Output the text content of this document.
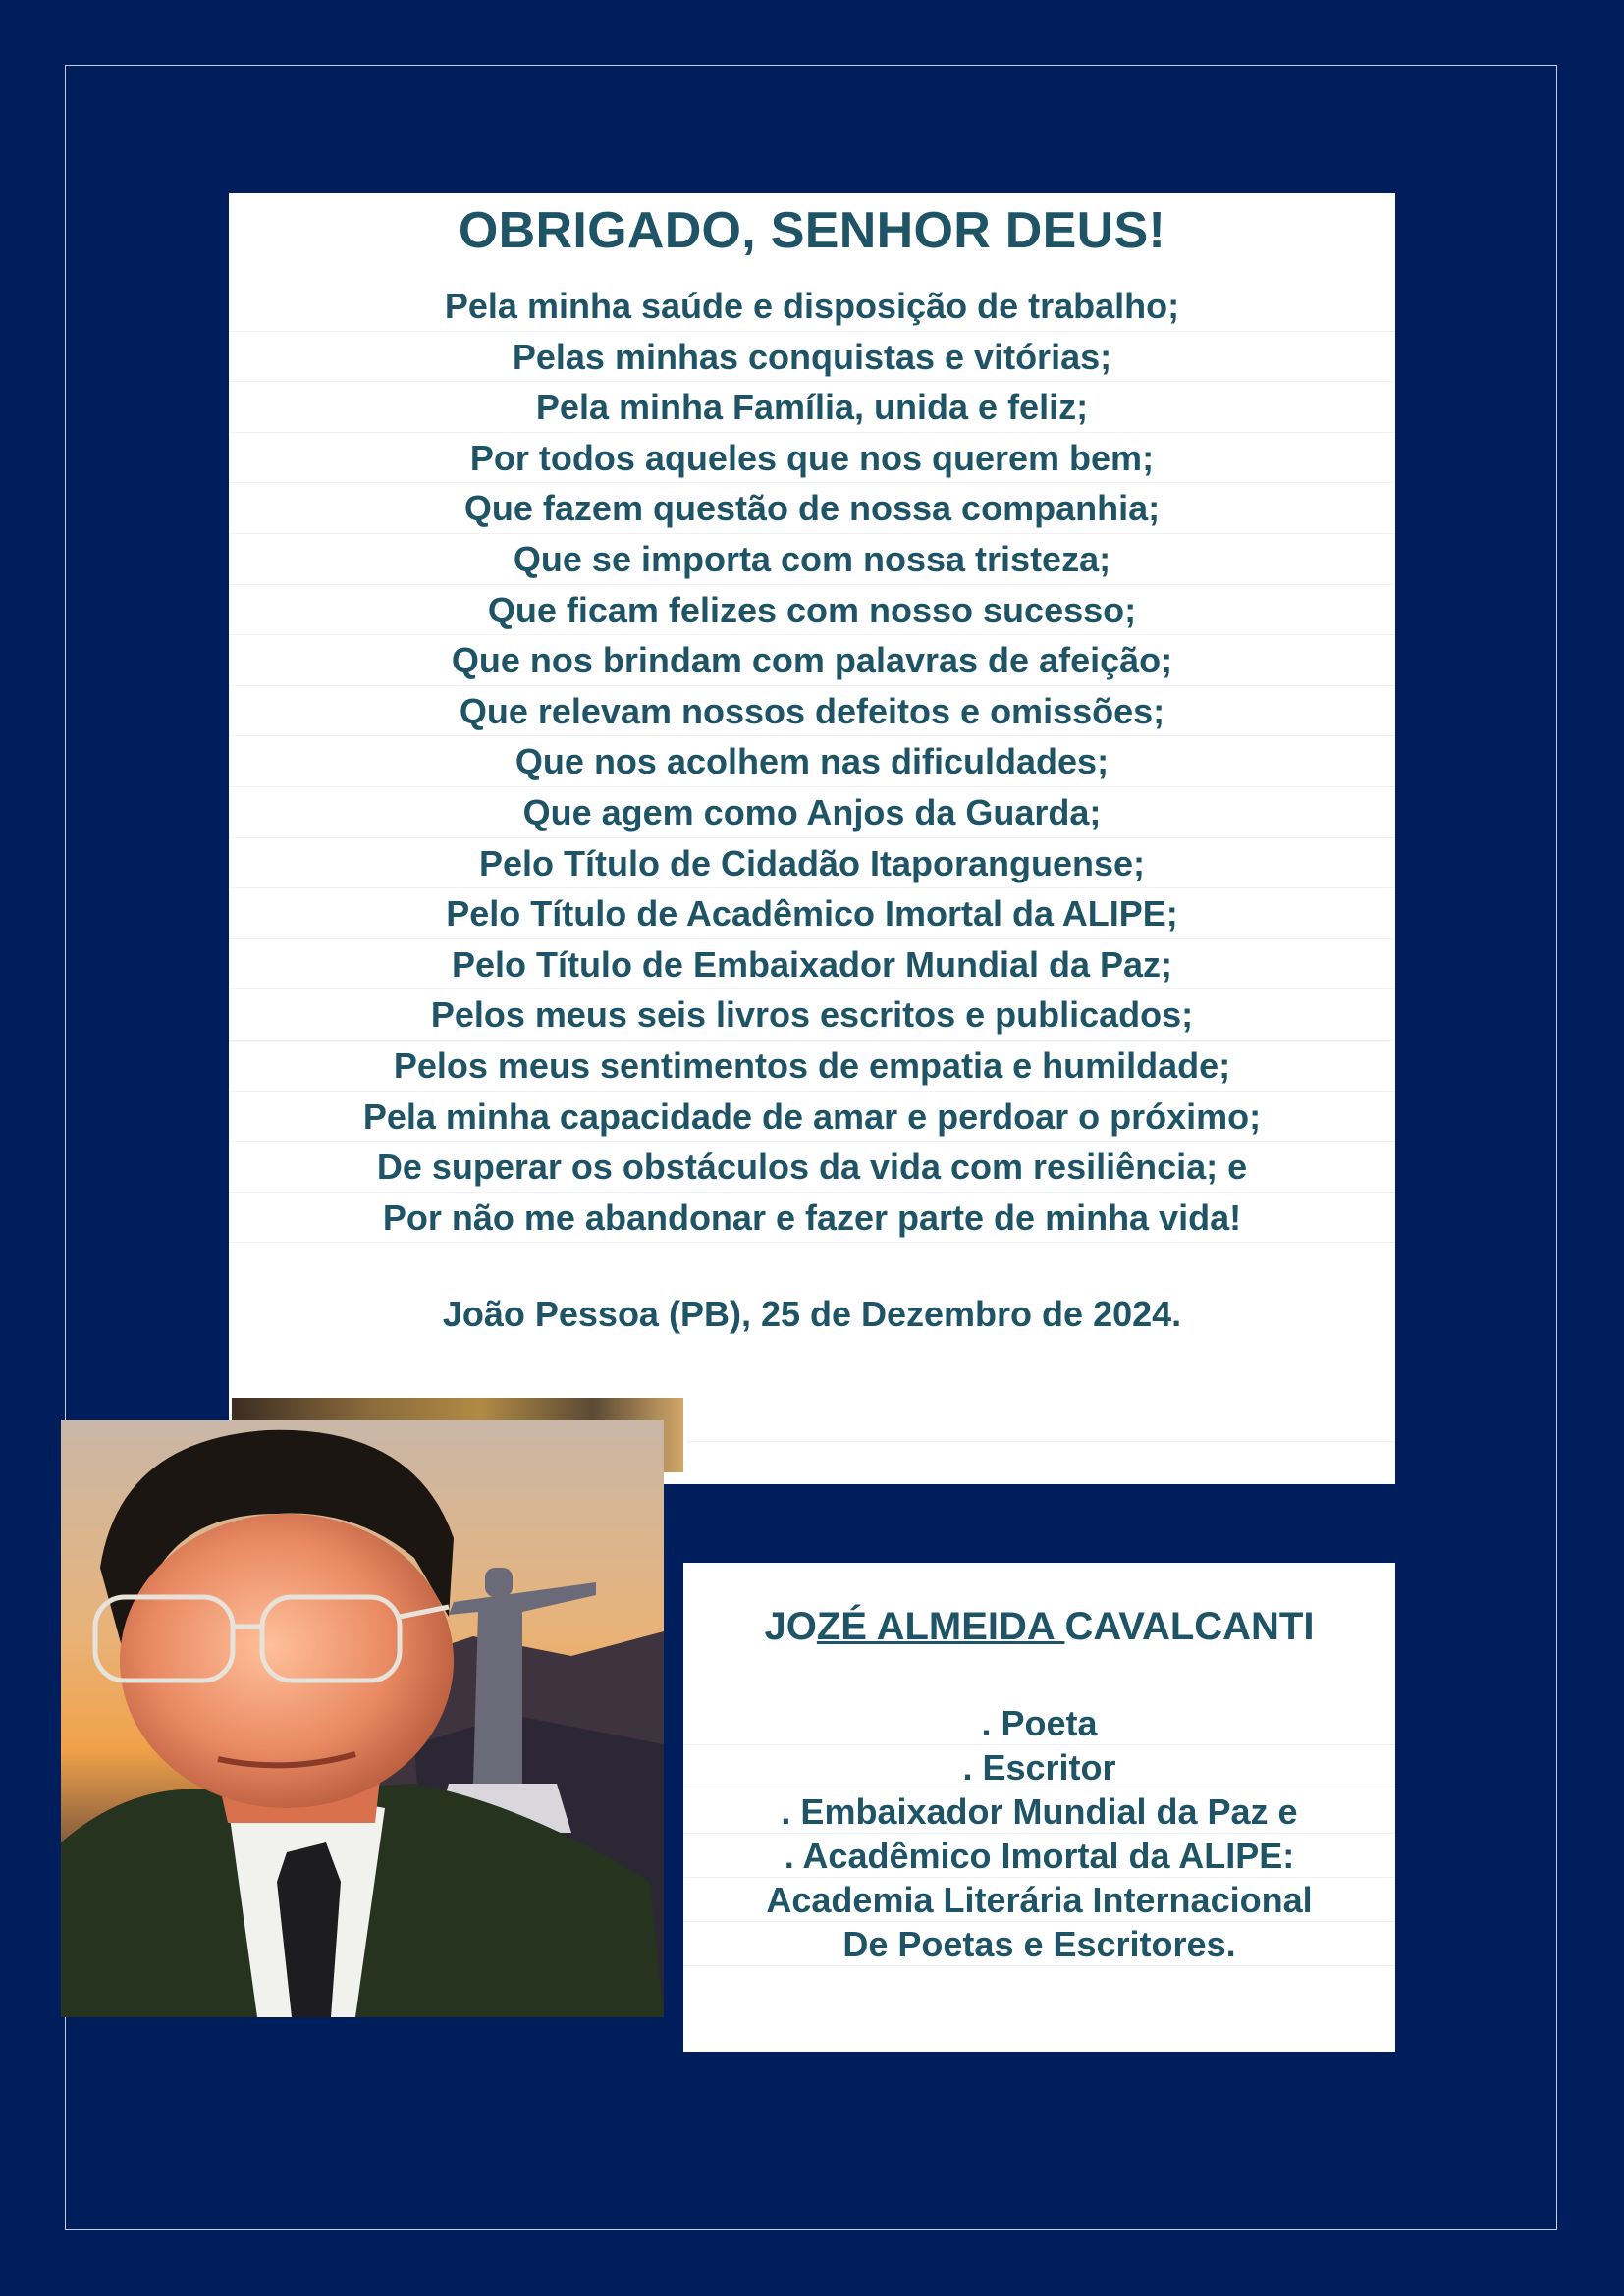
OBRIGADO, SENHOR DEUS!
Pela minha saúde e disposição de trabalho;
Pelas minhas conquistas e vitórias;
Pela minha Família, unida e feliz;
Por todos aqueles que nos querem bem;
Que fazem questão de nossa companhia;
Que se importa com nossa tristeza;
Que ficam felizes com nosso sucesso;
Que nos brindam com palavras de afeição;
Que relevam nossos defeitos e omissões;
Que nos acolhem nas dificuldades;
Que agem como Anjos da Guarda;
Pelo Título de Cidadão Itaporanguense;
Pelo Título de Acadêmico Imortal da ALIPE;
Pelo Título de Embaixador Mundial da Paz;
Pelos meus seis livros escritos e publicados;
Pelos meus sentimentos de empatia e humildade;
Pela minha capacidade de amar e perdoar o próximo;
De superar os obstáculos da vida com resiliência; e
Por não me abandonar e fazer parte de minha vida!
João Pessoa (PB), 25 de Dezembro de 2024.
JOZÉ ALMEIDA CAVALCANTI
. Poeta
. Escritor
. Embaixador Mundial da Paz e
. Acadêmico Imortal da ALIPE:
Academia Literária Internacional
De Poetas e Escritores.
